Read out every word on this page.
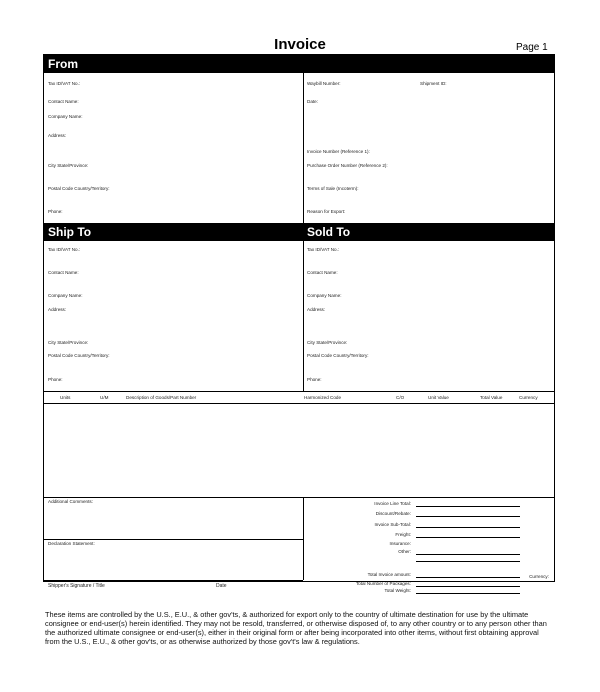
Invoice	Page 1
From
Tax ID/VAT No.:
Contact Name:
Company Name:
Address:
City State/Province:
Postal Code Country/Territory:
Phone:
Waybill Number:	Shipment ID:
Date:
Invoice Number (Reference 1):
Purchase Order Number (Reference 2):
Terms of Sale (Incoterm):
Reason for Export:
Ship To	Sold To
Tax ID/VAT No.:
Contact Name:
Company Name:
Address:
City State/Province:
Postal Code Country/Territory:
Phone:
Tax ID/VAT No.:
Contact Name:
Company Name:
Address:
City State/Province:
Postal Code Country/Territory:
Phone:
Units	U/M	Description of Goods/Part Number	Harmonized Code	C/O	Unit Value	Total Value	Currency
Additional Comments:
Declaration Statement:
Shipper's Signature / Title	Date
Invoice Line Total:
Discount/Rebate:
Invoice Sub-Total:
Freight:
Insurance:
Other:
Total Invoice amount:	Currency:
Total Number of Packages:
Total Weight:
These items are controlled by the U.S., E.U., & other gov'ts, & authorized for export only to the country of ultimate destination for use by the ultimate consignee or end-user(s) herein identified. They may not be resold, transferred, or otherwise disposed of, to any other country or to any person other than the authorized ultimate consignee or end-user(s), either in their original form or after being incorporated into other items, without first obtaining approval from the U.S., E.U., & other gov'ts, or as otherwise authorized by those gov't's law & regulations.
